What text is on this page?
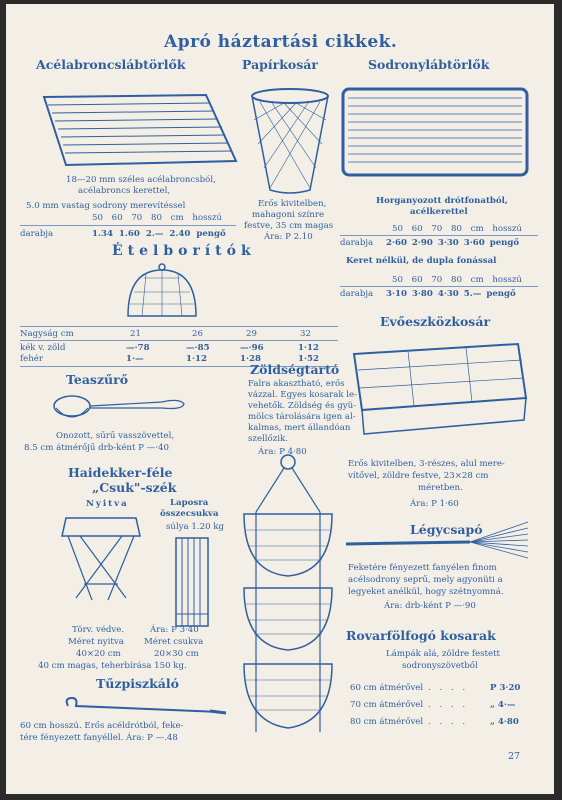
Apró háztartási cikkek.
Acélabroncslábtörlők
18—20 mm széles acélabroncsból,
acélabroncs kerettel,
5.0 mm vastag sodrony merevítéssel
50 60 70 80 cm hosszú
darabja	1.34 1.60 2.— 2.40 pengő
Papírkosár
Erős kivitelben,
mahagoni színre
festve, 35 cm magas
Ára: P 2.10
Sodronylábtörlők
Horganyozott drótfonatból,
acélkerettel
50 60 70 80 cm hosszú
darabja 2·60 2·90 3·30 3·60 pengő
Keret nélkül, de dupla fonással
50 60 70 80 cm hosszú
darabja 3·10 3·80 4·30 5.— pengő
Ételborítók
Nagyság cm	21	26	29	32
kék v. zöld	—·78	—·85	—·96	1·12
fehér	1·—	1·12	1·28	1·52
Teaszűrő
Onozott, sűrű vasszövettel,
8.5 cm átmérőjű drb-ként P —·40
Zöldségtartó
Falra akasztható, erős
vázzal. Egyes kosarak le-
vehetők. Zöldség és gyü-
mölcs tárolására igen al-
kalmas, mert állandóan
szellőzik.
Ára: P 4·80
Haidekker-féle
„Csuk"-szék
Nyitva	Laposra
összecsukva
súlya 1.20 kg
Törv. védve.	Ára: P 3·40
Méret nyitva Méret csukva
40×20 cm	20×30 cm
40 cm magas, teherbírása 150 kg.
Tűzpiszkáló
60 cm hosszú. Erős acéldrótból, feke-
tére fényezett fanyéllel. Ára: P —.48
Evőeszközkosár
Erős kivitelben, 3-részes, alul mere-
vítővel, zöldre festve, 23×28 cm
méretben.
Ára: P 1·60
Légycsapó
Feketére fényezett fanyélen finom
acélsodrony seprű, mely agyonüti a
legyeket anélkül, hogy szétnyomná.
Ára: drb-ként P —·90
Rovarfölfogó kosarak
Lámpák alá, zöldre festett
sodronyszövetből
60 cm átmérővel . . . .	P 3·20
70 cm átmérővel . . . .	„ 4·—
80 cm átmérővel . . . .	„ 4·80
27
